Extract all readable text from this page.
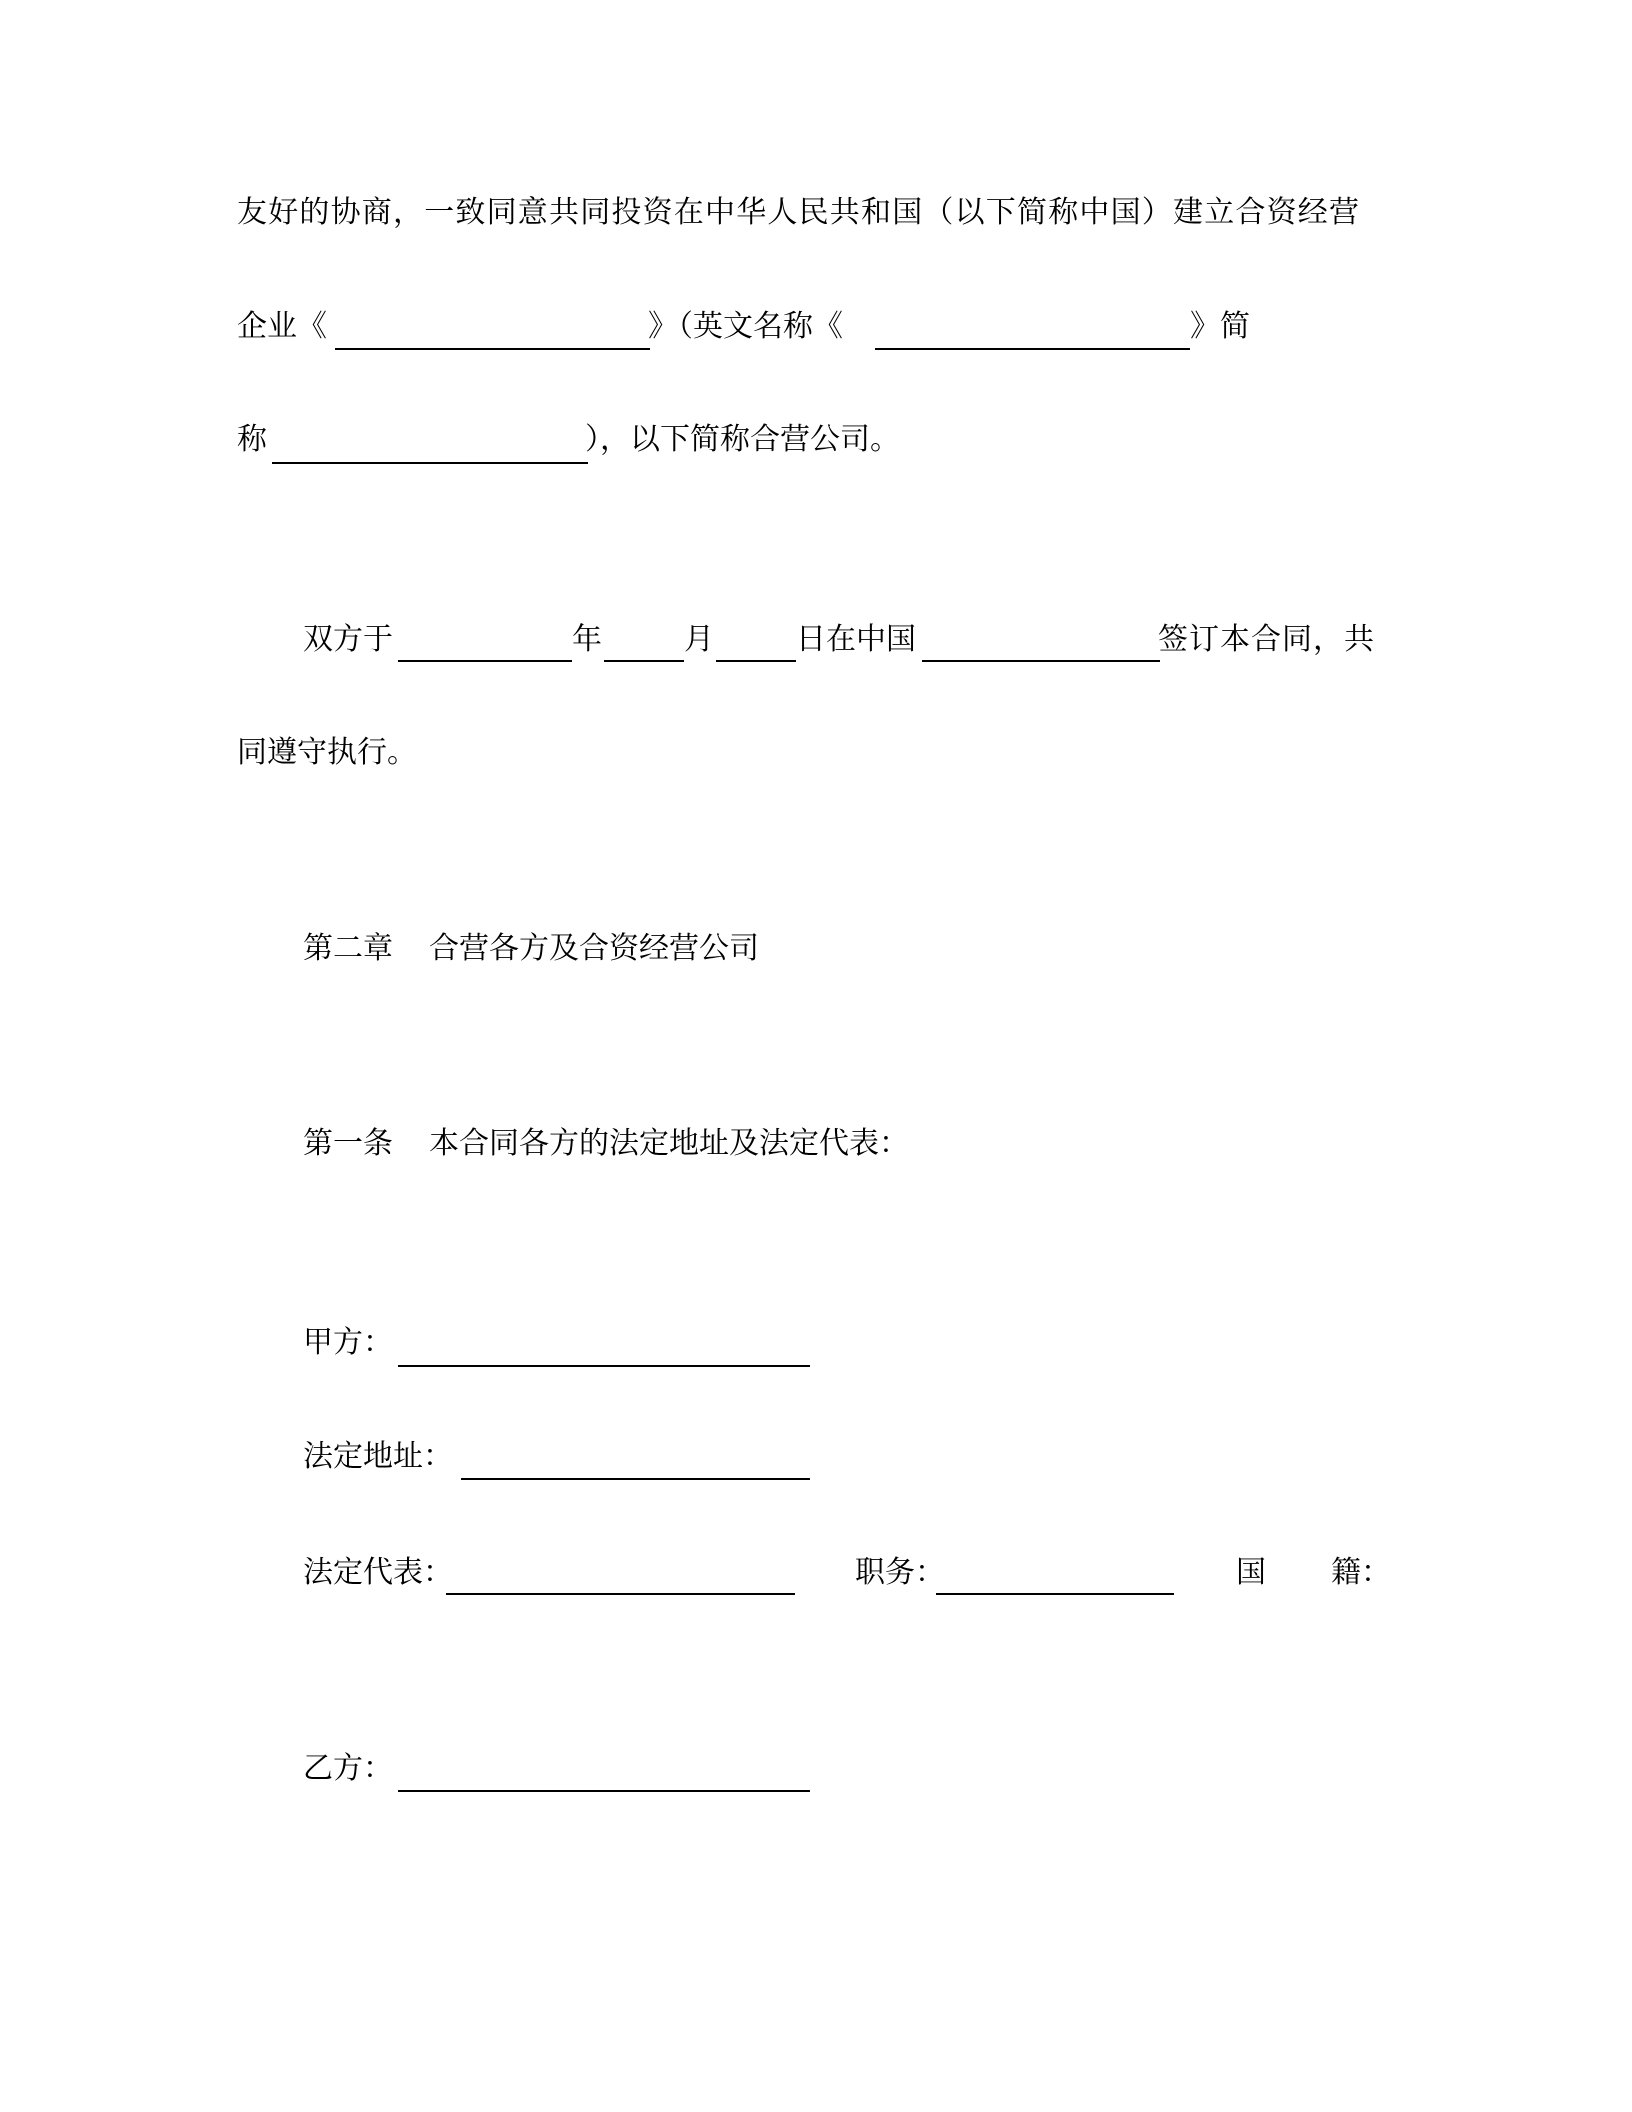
友好的协商，一致同意共同投资在中华人民共和国（以下简称中国）建立合资经营
企业《	》（英文名称《	》简
称	），以下简称合营公司。
双方于	年	月	日在中国	签订本合同，共
同遵守执行。
第二章 合营各方及合资经营公司
第一条 本合同各方的法定地址及法定代表：
甲方：
法定地址：
法定代表：	职务：	国 籍：
乙方：
